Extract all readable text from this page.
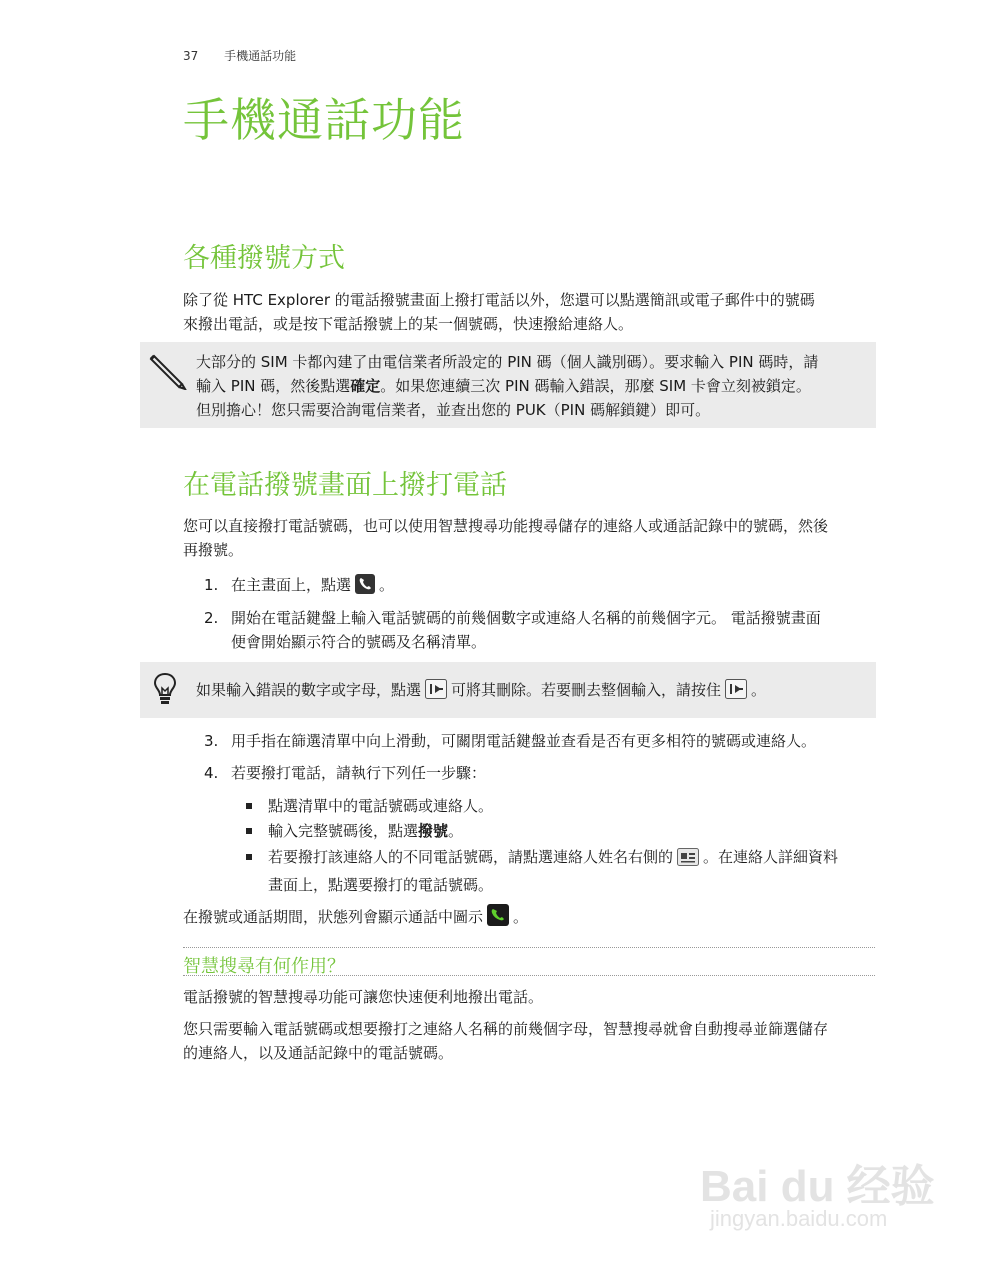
37 手機通話功能
手機通話功能
各種撥號方式
除了從 HTC Explorer 的電話撥號畫面上撥打電話以外，您還可以點選簡訊或電子郵件中的號碼
來撥出電話，或是按下電話撥號上的某一個號碼，快速撥給連絡人。
大部分的 SIM 卡都內建了由電信業者所設定的 PIN 碼（個人識別碼）。要求輸入 PIN 碼時，請
輸入 PIN 碼，然後點選確定。如果您連續三次 PIN 碼輸入錯誤，那麼 SIM 卡會立刻被鎖定。
但別擔心！您只需要洽詢電信業者，並查出您的 PUK（PIN 碼解鎖鍵）即可。
在電話撥號畫面上撥打電話
您可以直接撥打電話號碼，也可以使用智慧搜尋功能搜尋儲存的連絡人或通話記錄中的號碼，然後
再撥號。
1. 在主畫面上，點選 。
2. 開始在電話鍵盤上輸入電話號碼的前幾個數字或連絡人名稱的前幾個字元。 電話撥號畫面
便會開始顯示符合的號碼及名稱清單。
如果輸入錯誤的數字或字母，點選 可將其刪除。若要刪去整個輸入，請按住 。
3. 用手指在篩選清單中向上滑動，可關閉電話鍵盤並查看是否有更多相符的號碼或連絡人。
4. 若要撥打電話，請執行下列任一步驟：
點選清單中的電話號碼或連絡人。
輸入完整號碼後，點選撥號。
若要撥打該連絡人的不同電話號碼，請點選連絡人姓名右側的 。在連絡人詳細資料
畫面上，點選要撥打的電話號碼。
在撥號或通話期間，狀態列會顯示通話中圖示 。
智慧搜尋有何作用？
電話撥號的智慧搜尋功能可讓您快速便利地撥出電話。
您只需要輸入電話號碼或想要撥打之連絡人名稱的前幾個字母，智慧搜尋就會自動搜尋並篩選儲存
的連絡人，以及通話記錄中的電話號碼。
Bai du 经验
jingyan.baidu.com
